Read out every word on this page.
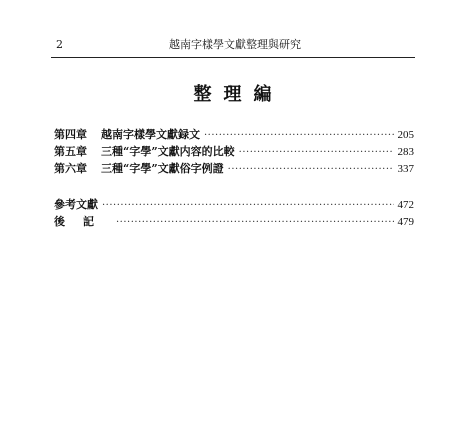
2	越南字樣學文獻整理與研究
整理編
第四章	越南字樣學文獻録文 ·····	205
第五章	三種“字學”文獻内容的比較 ·····	283
第六章	三種“字學”文獻俗字例證 ·····	337
參考文獻 ·····	472
後記 ·····	479
